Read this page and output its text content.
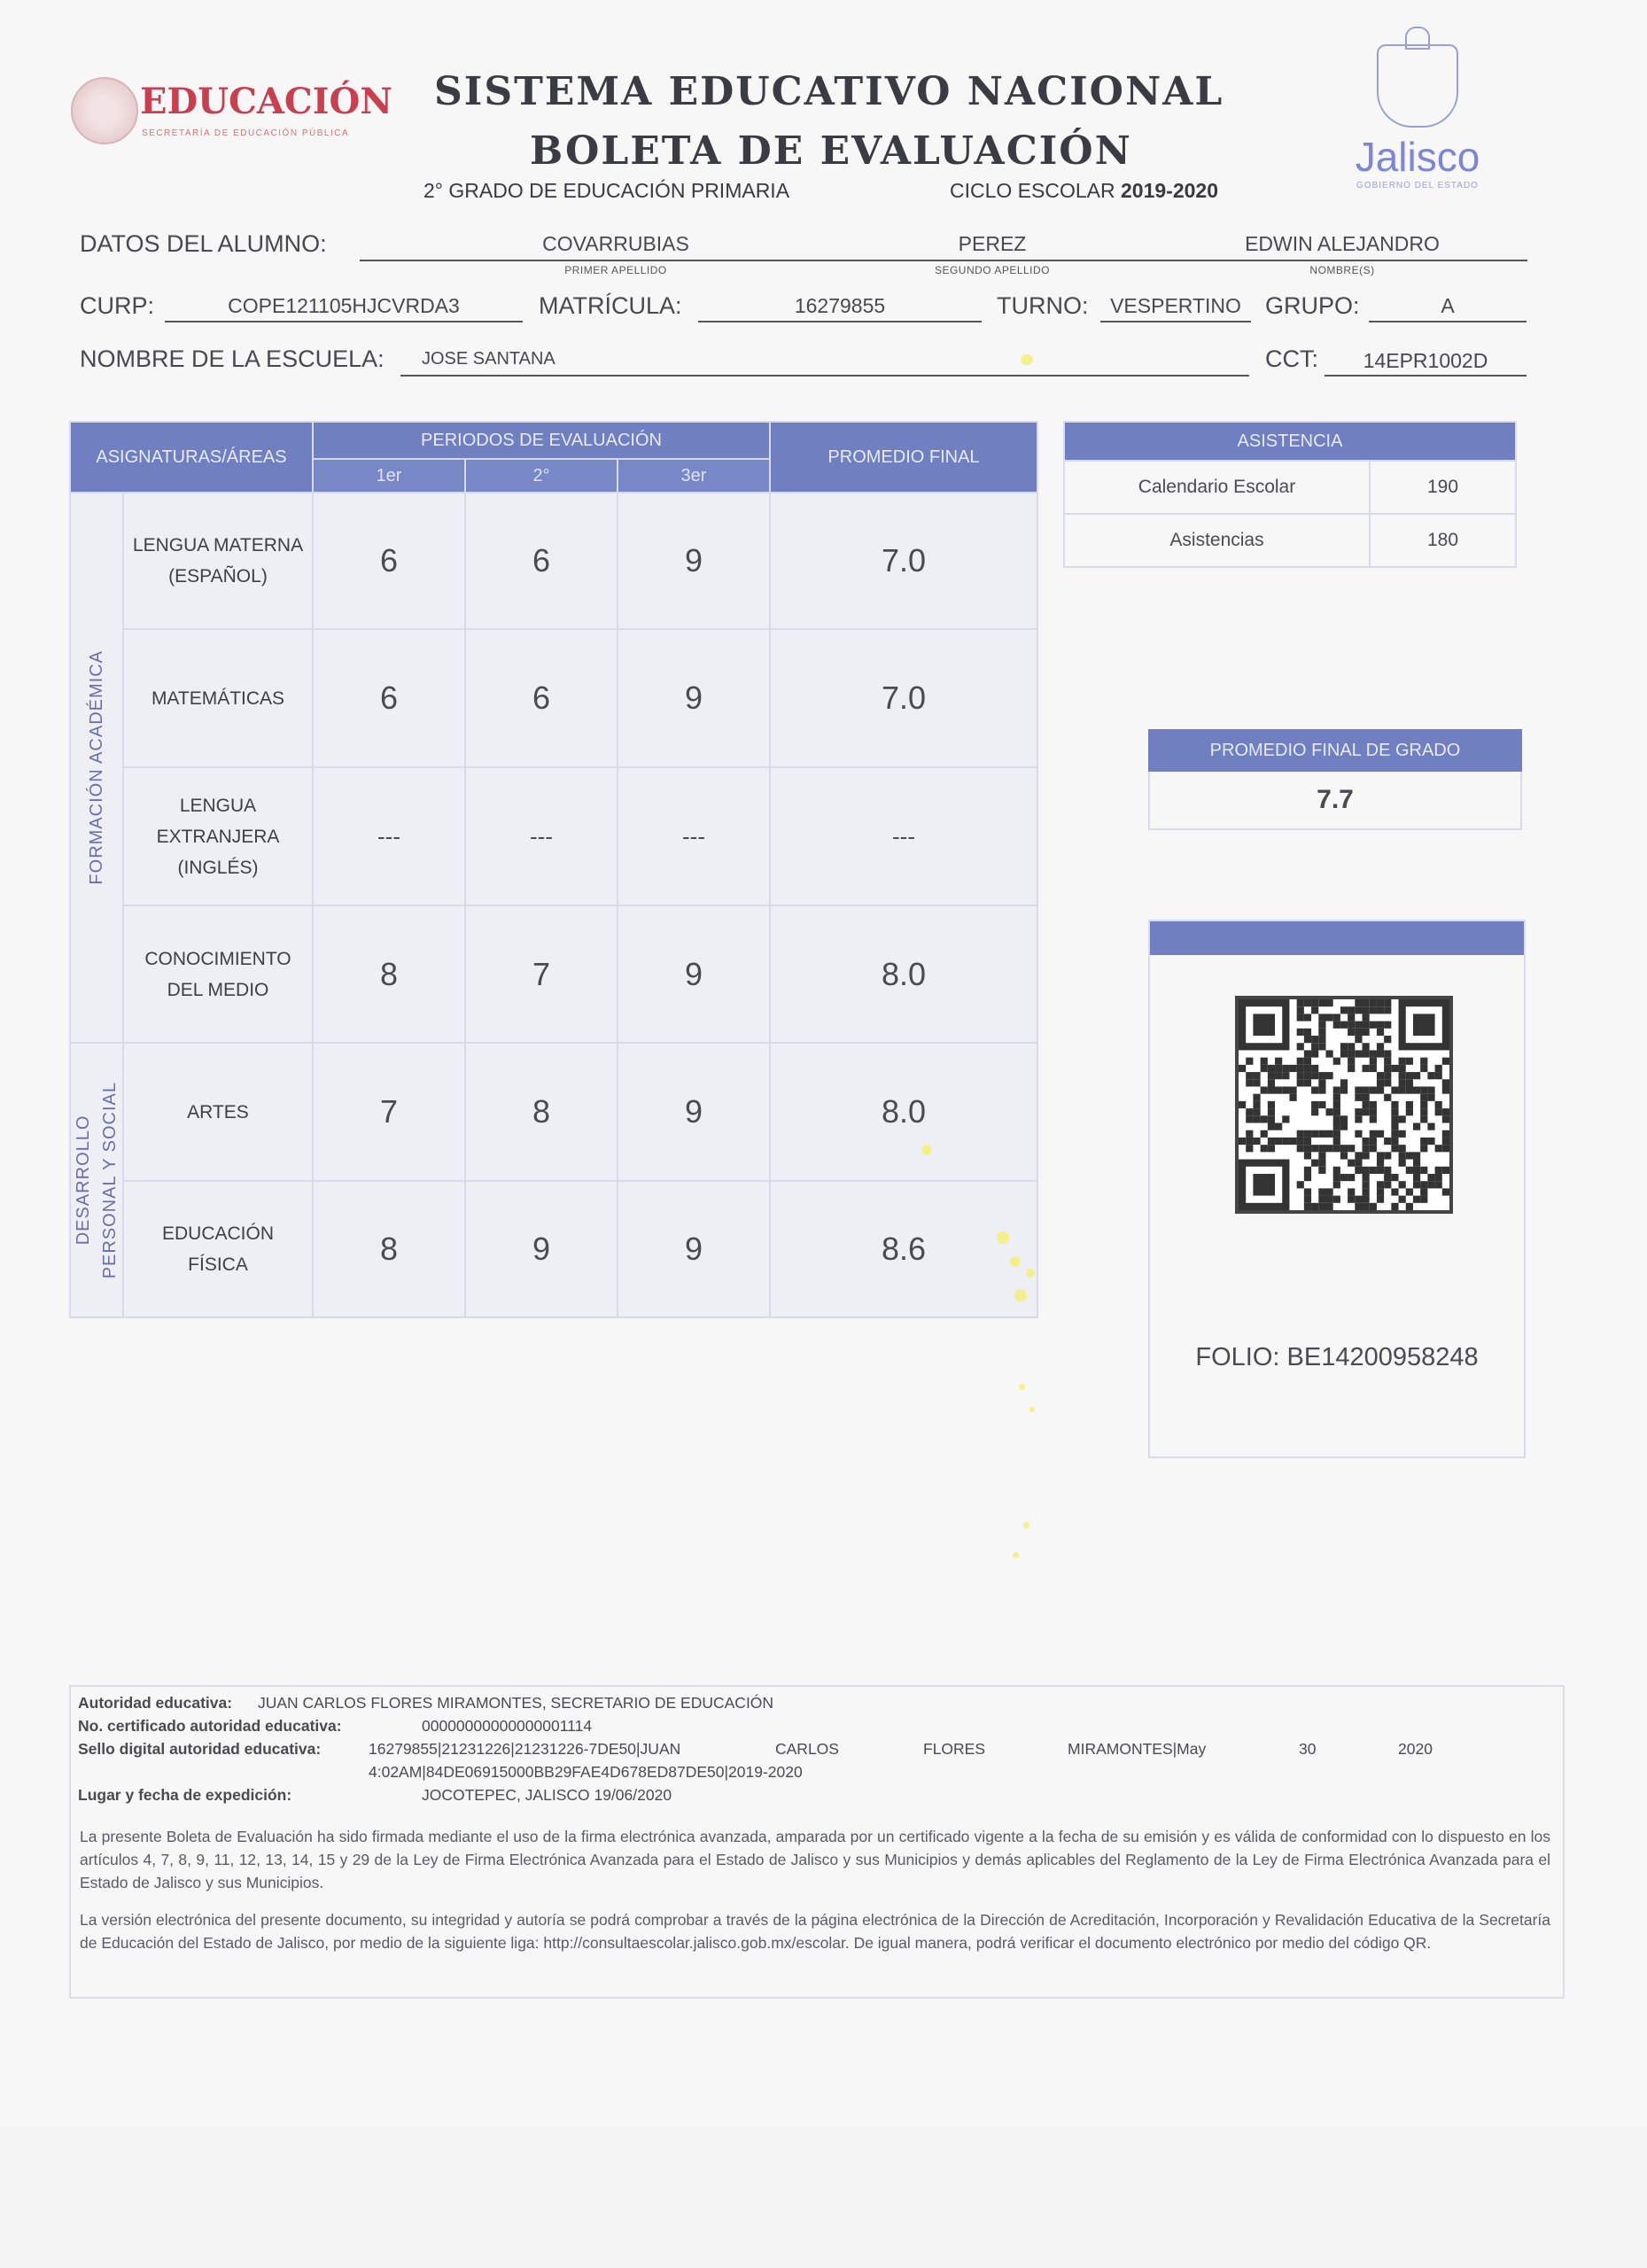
EDUCACIÓN
SECRETARÍA DE EDUCACIÓN PÚBLICA
SISTEMA EDUCATIVO NACIONAL
BOLETA DE EVALUACIÓN
2° GRADO DE EDUCACIÓN PRIMARIA	CICLO ESCOLAR 2019-2020
Jalisco
GOBIERNO DEL ESTADO
DATOS DEL ALUMNO:	COVARRUBIAS
PRIMER APELLIDO
PEREZ
SEGUNDO APELLIDO
EDWIN ALEJANDRO
NOMBRE(S)
CURP:	COPE121105HJCVRDA3	MATRÍCULA:	16279855	TURNO:	VESPERTINO	GRUPO:	A
NOMBRE DE LA ESCUELA: JOSE SANTANA	CCT:	14EPR1002D
ASIGNATURAS/ÁREAS		PERIODOS DE EVALUACIÓN			PROMEDIO FINAL
		1er	2°	3er	

FORMACIÓN ACADÉMICA	LENGUA MATERNA
(ESPAÑOL)	6	6	9	7.0

	MATEMÁTICAS	6	6	9	7.0

	LENGUA
EXTRANJERA
(INGLÉS)	---	---	---	---

	CONOCIMIENTO
DEL MEDIO	8	7	9	8.0

DESARROLLO PERSONAL Y SOCIAL	ARTES	7	8	9	8.0

	EDUCACIÓN
FÍSICA	8	9	9	8.6
ASISTENCIA	
Calendario Escolar	190
Asistencias	180
PROMEDIO FINAL DE GRADO
7.7
FOLIO: BE14200958248
Autoridad educativa: JUAN CARLOS FLORES MIRAMONTES, SECRETARIO DE EDUCACIÓN
No. certificado autoridad educativa:	00000000000000001114
Sello digital autoridad educativa:	16279855|21231226|21231226-7DE50|JUAN	CARLOS	FLORES	MIRAMONTES|May	30	2020
4:02AM|84DE06915000BB29FAE4D678ED87DE50|2019-2020
Lugar y fecha de expedición:	JOCOTEPEC, JALISCO 19/06/2020
La presente Boleta de Evaluación ha sido firmada mediante el uso de la firma electrónica avanzada, amparada por un certificado vigente a la fecha de su emisión y es válida de conformidad con lo dispuesto en los artículos 4, 7, 8, 9, 11, 12, 13, 14, 15 y 29 de la Ley de Firma Electrónica Avanzada para el Estado de Jalisco y sus Municipios y demás aplicables del Reglamento de la Ley de Firma Electrónica Avanzada para el Estado de Jalisco y sus Municipios.
La versión electrónica del presente documento, su integridad y autoría se podrá comprobar a través de la página electrónica de la Dirección de Acreditación, Incorporación y Revalidación Educativa de la Secretaría de Educación del Estado de Jalisco, por medio de la siguiente liga: http://consultaescolar.jalisco.gob.mx/escolar. De igual manera, podrá verificar el documento electrónico por medio del código QR.
